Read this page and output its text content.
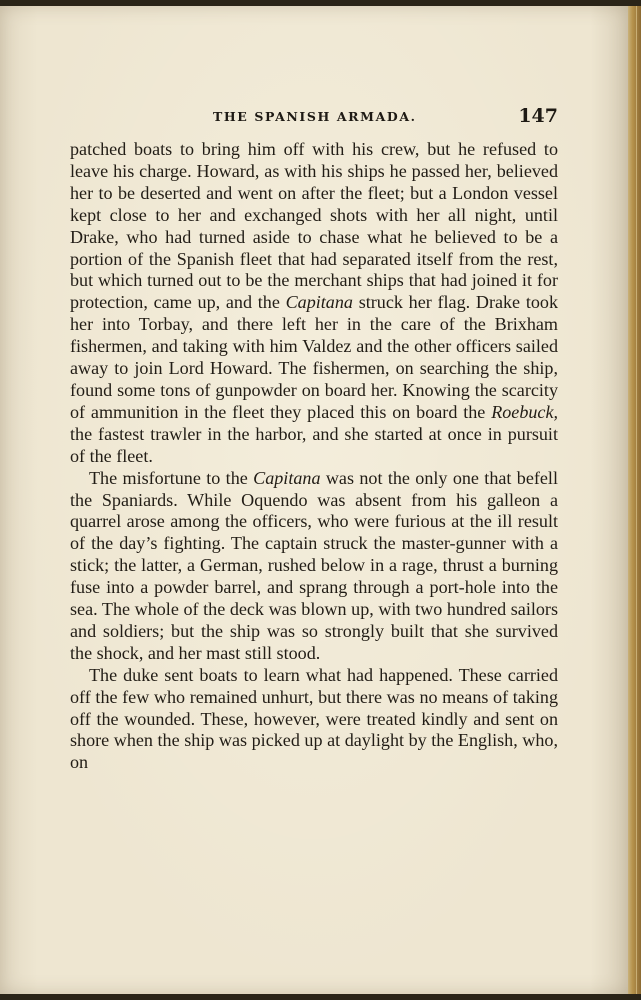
THE SPANISH ARMADA.	147

patched boats to bring him off with his crew, but he refused to leave his charge. Howard, as with his ships he passed her, believed her to be deserted and went on after the fleet; but a London vessel kept close to her and exchanged shots with her all night, until Drake, who had turned aside to chase what he believed to be a portion of the Spanish fleet that had separated itself from the rest, but which turned out to be the merchant ships that had joined it for protection, came up, and the Capitana struck her flag. Drake took her into Torbay, and there left her in the care of the Brixham fishermen, and taking with him Valdez and the other officers sailed away to join Lord Howard. The fishermen, on searching the ship, found some tons of gunpowder on board her. Knowing the scarcity of ammunition in the fleet they placed this on board the Roebuck, the fastest trawler in the harbor, and she started at once in pursuit of the fleet.

The misfortune to the Capitana was not the only one that befell the Spaniards. While Oquendo was absent from his galleon a quarrel arose among the officers, who were furious at the ill result of the day’s fighting. The captain struck the master-gunner with a stick; the latter, a German, rushed below in a rage, thrust a burning fuse into a powder barrel, and sprang through a port-hole into the sea. The whole of the deck was blown up, with two hundred sailors and soldiers; but the ship was so strongly built that she survived the shock, and her mast still stood.

The duke sent boats to learn what had happened. These carried off the few who remained unhurt, but there was no means of taking off the wounded. These, however, were treated kindly and sent on shore when the ship was picked up at daylight by the English, who, on
